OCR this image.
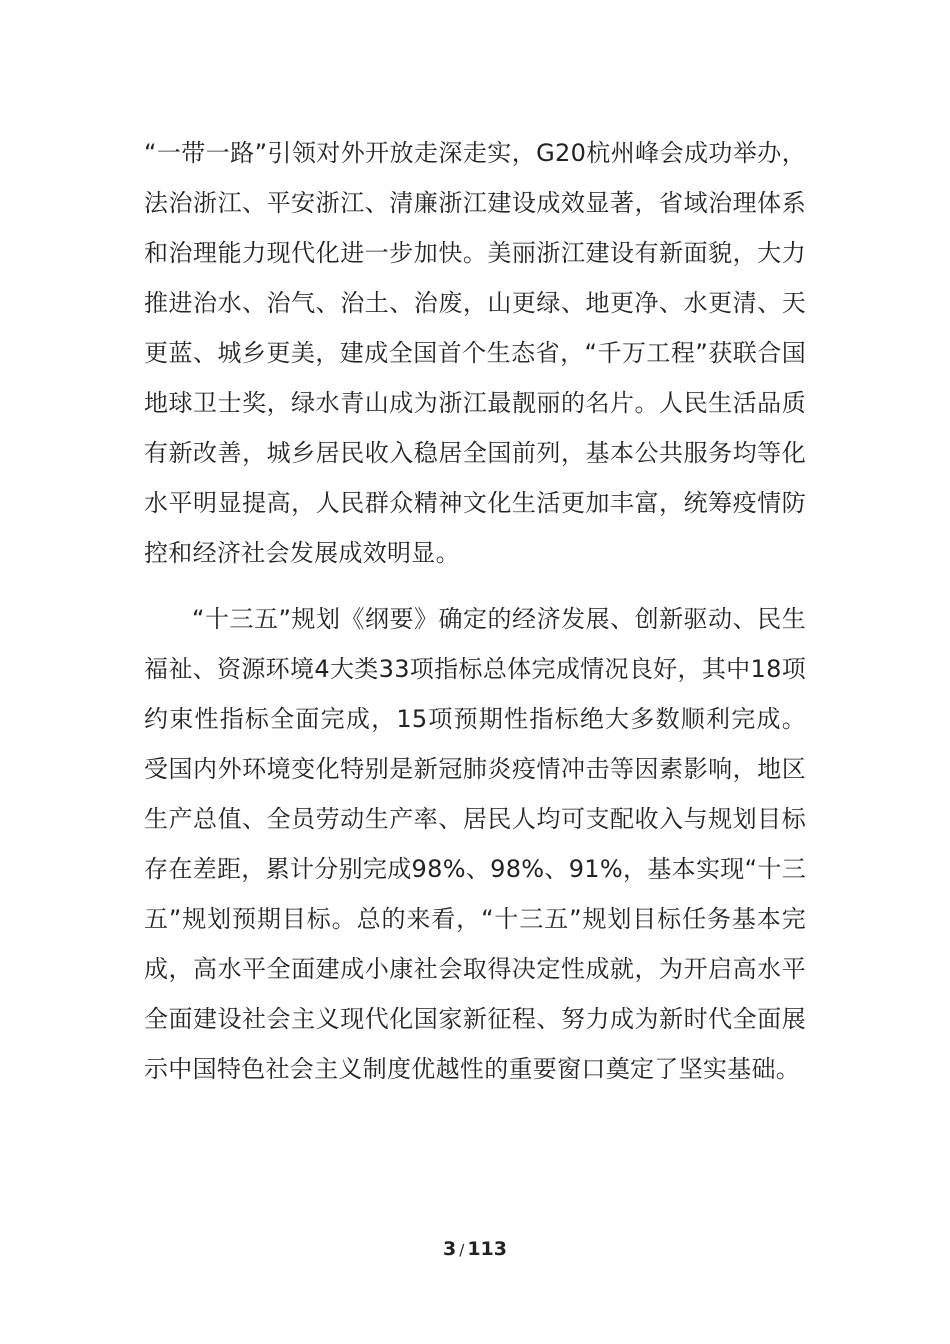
“一带一路”引领对外开放走深走实，G20杭州峰会成功举办，法治浙江、平安浙江、清廉浙江建设成效显著，省域治理体系和治理能力现代化进一步加快。美丽浙江建设有新面貌，大力推进治水、治气、治土、治废，山更绿、地更净、水更清、天更蓝、城乡更美，建成全国首个生态省，“千万工程”获联合国地球卫士奖，绿水青山成为浙江最靓丽的名片。人民生活品质有新改善，城乡居民收入稳居全国前列，基本公共服务均等化水平明显提高，人民群众精神文化生活更加丰富，统筹疫情防控和经济社会发展成效明显。

“十三五”规划《纲要》确定的经济发展、创新驱动、民生福祉、资源环境4大类33项指标总体完成情况良好，其中18项约束性指标全面完成，15项预期性指标绝大多数顺利完成。受国内外环境变化特别是新冠肺炎疫情冲击等因素影响，地区生产总值、全员劳动生产率、居民人均可支配收入与规划目标存在差距，累计分别完成98%、98%、91%，基本实现“十三五”规划预期目标。总的来看，“十三五”规划目标任务基本完成，高水平全面建成小康社会取得决定性成就，为开启高水平全面建设社会主义现代化国家新征程、努力成为新时代全面展示中国特色社会主义制度优越性的重要窗口奠定了坚实基础。

3 / 113
